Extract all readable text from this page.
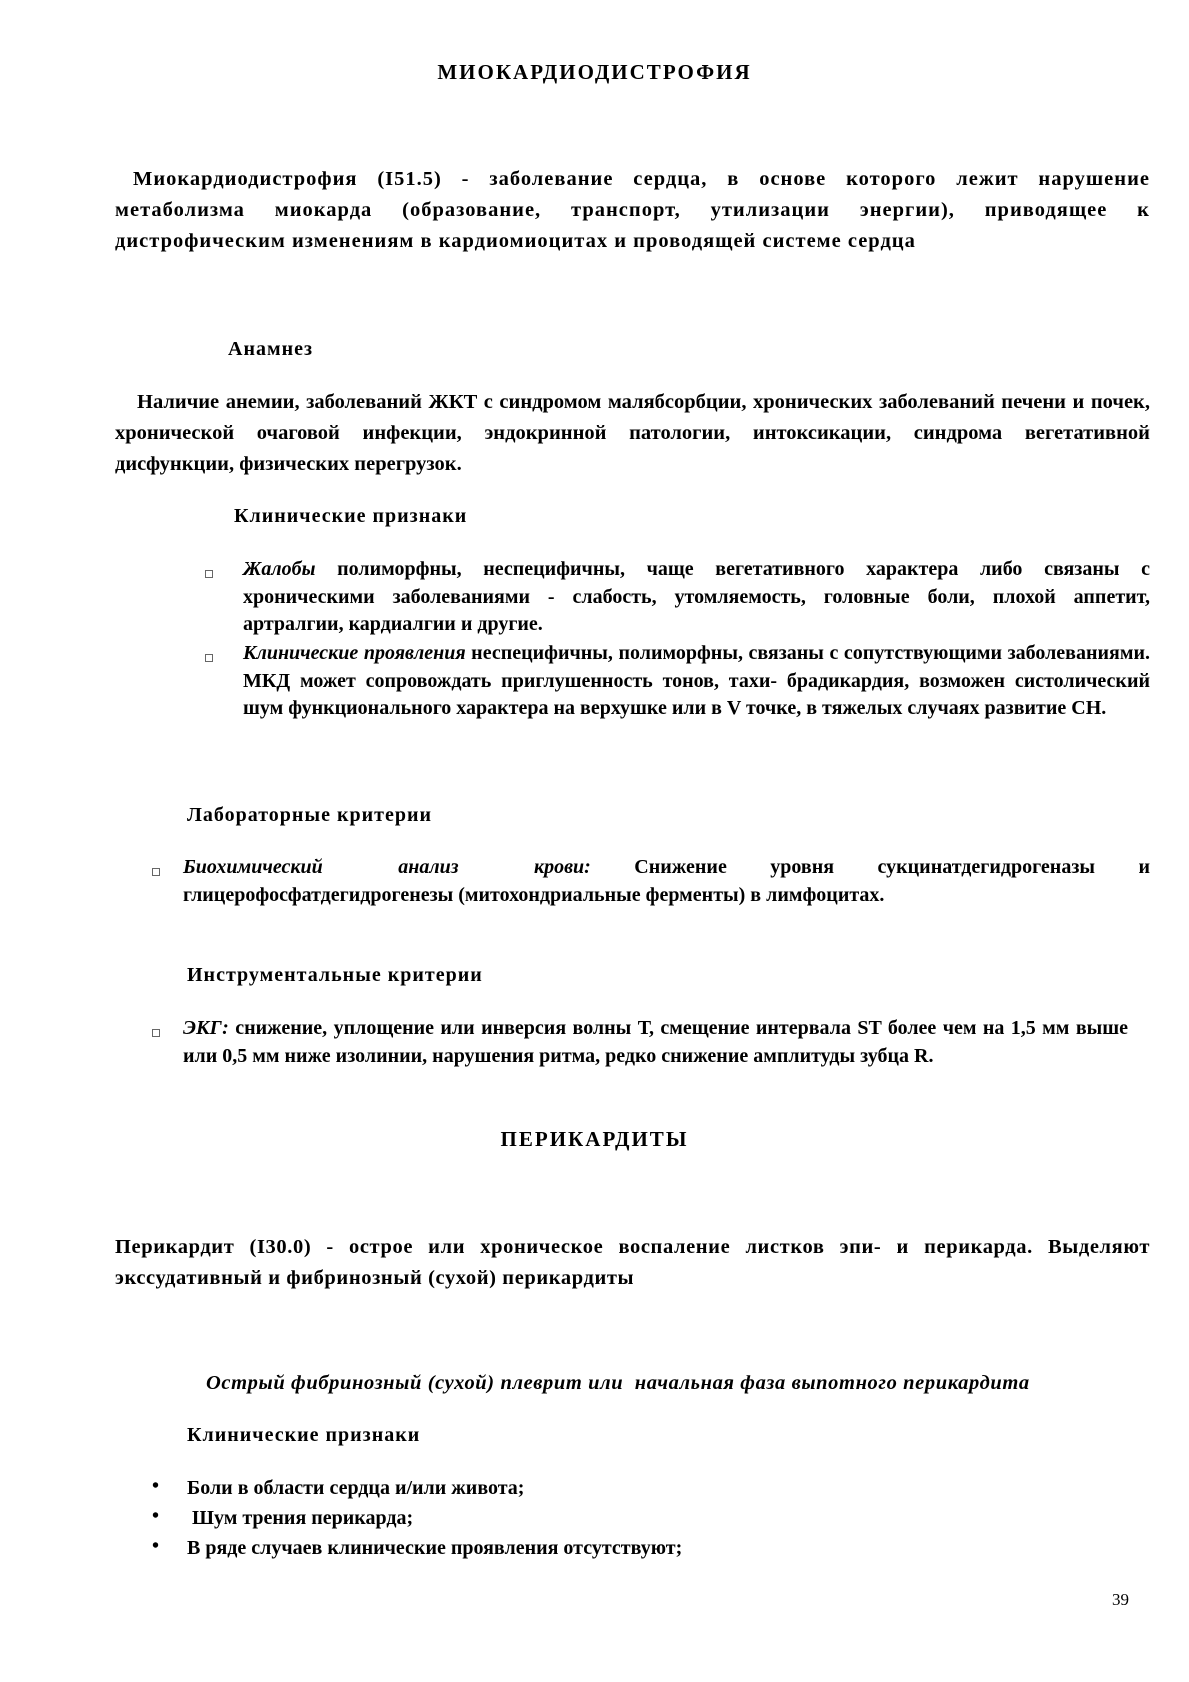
МИОКАРДИОДИСТРОФИЯ
Миокардиодистрофия (I51.5) - заболевание сердца, в основе которого лежит нарушение метаболизма миокарда (образование, транспорт, утилизации энергии), приводящее к дистрофическим изменениям в кардиомиоцитах и проводящей системе сердца
Анамнез
Наличие анемии, заболеваний ЖКТ с синдромом малябсорбции, хронических заболеваний печени и почек, хронической очаговой инфекции, эндокринной патологии, интоксикации, синдрома вегетативной дисфункции, физических перегрузок.
Клинические признаки
Жалобы полиморфны, неспецифичны, чаще вегетативного характера либо связаны с хроническими заболеваниями - слабость, утомляемость, головные боли, плохой аппетит, артралгии, кардиалгии и другие.
Клинические проявления неспецифичны, полиморфны, связаны с сопутствующими заболеваниями. МКД может сопровождать приглушенность тонов, тахи- брадикардия, возможен систолический шум функционального характера на верхушке или в V точке, в тяжелых случаях развитие СН.
Лабораторные критерии
Биохимический анализ крови: Снижение уровня сукцинатдегидрогеназы и глицерофосфатдегидрогенезы (митохондриальные ферменты) в лимфоцитах.
Инструментальные критерии
ЭКГ: снижение, уплощение или инверсия волны Т, смещение интервала ST более чем на 1,5 мм выше или 0,5 мм ниже изолинии, нарушения ритма, редко снижение амплитуды зубца R.
ПЕРИКАРДИТЫ
Перикардит (I30.0) - острое или хроническое воспаление листков эпи- и перикарда. Выделяют экссудативный и фибринозный (сухой) перикардиты
Острый фибринозный (сухой) плеврит или  начальная фаза выпотного перикардита
Клинические признаки
• Боли в области сердца и/или живота;
• Шум трения перикарда;
• В ряде случаев клинические проявления отсутствуют;
39
